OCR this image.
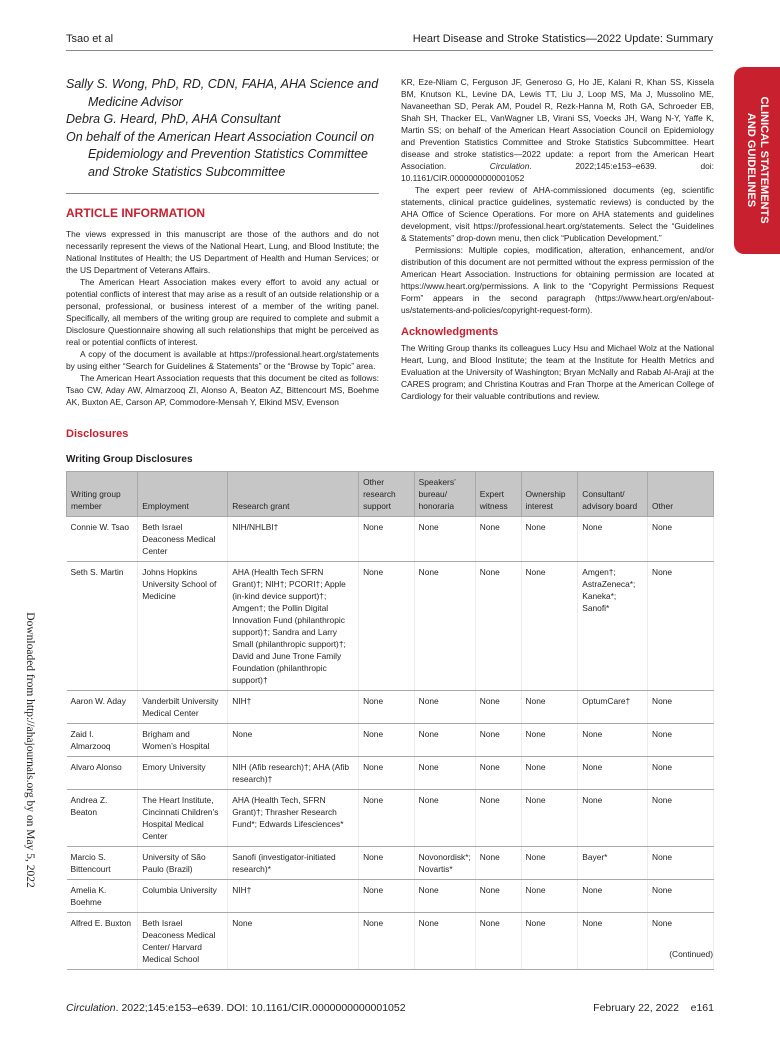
Tsao et al	Heart Disease and Stroke Statistics—2022 Update: Summary
CLINICAL STATEMENTS
AND GUIDELINES
Downloaded from http://ahajournals.org by on May 5, 2022

Sally S. Wong, PhD, RD, CDN, FAHA, AHA Science and Medicine Advisor

Debra G. Heard, PhD, AHA Consultant

On behalf of the American Heart Association Council on Epidemiology and Prevention Statistics Committee and Stroke Statistics Subcommittee

ARTICLE INFORMATION

The views expressed in this manuscript are those of the authors and do not necessarily represent the views of the National Heart, Lung, and Blood Institute; the National Institutes of Health; the US Department of Health and Human Services; or the US Department of Veterans Affairs.

The American Heart Association makes every effort to avoid any actual or potential conflicts of interest that may arise as a result of an outside relationship or a personal, professional, or business interest of a member of the writing panel. Specifically, all members of the writing group are required to complete and submit a Disclosure Questionnaire showing all such relationships that might be perceived as real or potential conflicts of interest.

A copy of the document is available at https://professional.heart.org/statements by using either “Search for Guidelines & Statements” or the “Browse by Topic” area.

The American Heart Association requests that this document be cited as follows: Tsao CW, Aday AW, Almarzooq ZI, Alonso A, Beaton AZ, Bittencourt MS, Boehme AK, Buxton AE, Carson AP, Commodore-Mensah Y, Elkind MSV, Evenson

KR, Eze-Nliam C, Ferguson JF, Generoso G, Ho JE, Kalani R, Khan SS, Kissela BM, Knutson KL, Levine DA, Lewis TT, Liu J, Loop MS, Ma J, Mussolino ME, Navaneethan SD, Perak AM, Poudel R, Rezk-Hanna M, Roth GA, Schroeder EB, Shah SH, Thacker EL, VanWagner LB, Virani SS, Voecks JH, Wang N-Y, Yaffe K, Martin SS; on behalf of the American Heart Association Council on Epidemiology and Prevention Statistics Committee and Stroke Statistics Subcommittee. Heart disease and stroke statistics—2022 update: a report from the American Heart Association. Circulation. 2022;145:e153–e639. doi: 10.1161/CIR.0000000000001052

The expert peer review of AHA-commissioned documents (eg, scientific statements, clinical practice guidelines, systematic reviews) is conducted by the AHA Office of Science Operations. For more on AHA statements and guidelines development, visit https://professional.heart.org/statements. Select the “Guidelines & Statements” drop-down menu, then click “Publication Development.”

Permissions: Multiple copies, modification, alteration, enhancement, and/or distribution of this document are not permitted without the express permission of the American Heart Association. Instructions for obtaining permission are located at https://www.heart.org/permissions. A link to the “Copyright Permissions Request Form” appears in the second paragraph (https://www.heart.org/en/about-us/statements-and-policies/copyright-request-form).

Acknowledgments

The Writing Group thanks its colleagues Lucy Hsu and Michael Wolz at the National Heart, Lung, and Blood Institute; the team at the Institute for Health Metrics and Evaluation at the University of Washington; Bryan McNally and Rabab Al-Araji at the CARES program; and Christina Koutras and Fran Thorpe at the American College of Cardiology for their valuable contributions and review.

Disclosures
Writing Group Disclosures
Writing group member	Employment	Research grant	Other research support	Speakers’ bureau/ honoraria	Expert witness	Ownership interest	Consultant/ advisory board	Other
Connie W. Tsao	Beth Israel Deaconess Medical Center	NIH/NHLBI†	None	None	None	None	None	None
Seth S. Martin	Johns Hopkins University School of Medicine	AHA (Health Tech SFRN Grant)†; NIH†; PCORI†; Apple (in-kind device support)†; Amgen†; the Pollin Digital Innovation Fund (philanthropic support)†; Sandra and Larry Small (philanthropic support)†; David and June Trone Family Foundation (philanthropic support)†	None	None	None	None	Amgen†; AstraZeneca*; Kaneka*; Sanofi*	None
Aaron W. Aday	Vanderbilt University Medical Center	NIH†	None	None	None	None	OptumCare†	None
Zaid I. Almarzooq	Brigham and Women’s Hospital	None	None	None	None	None	None	None
Alvaro Alonso	Emory University	NIH (Afib research)†; AHA (Afib research)†	None	None	None	None	None	None
Andrea Z. Beaton	The Heart Institute, Cincinnati Children’s Hospital Medical Center	AHA (Health Tech, SFRN Grant)†; Thrasher Research Fund*; Edwards Lifesciences*	None	None	None	None	None	None
Marcio S. Bittencourt	University of São Paulo (Brazil)	Sanofi (investigator-initiated research)*	None	Novonordisk*; Novartis*	None	None	Bayer*	None
Amelia K. Boehme	Columbia University	NIH†	None	None	None	None	None	None
Alfred E. Buxton	Beth Israel Deaconess Medical Center/ Harvard Medical School	None	None	None	None	None	None	None
(Continued)
Circulation. 2022;145:e153–e639. DOI: 10.1161/CIR.0000000000001052	February 22, 2022    e161
